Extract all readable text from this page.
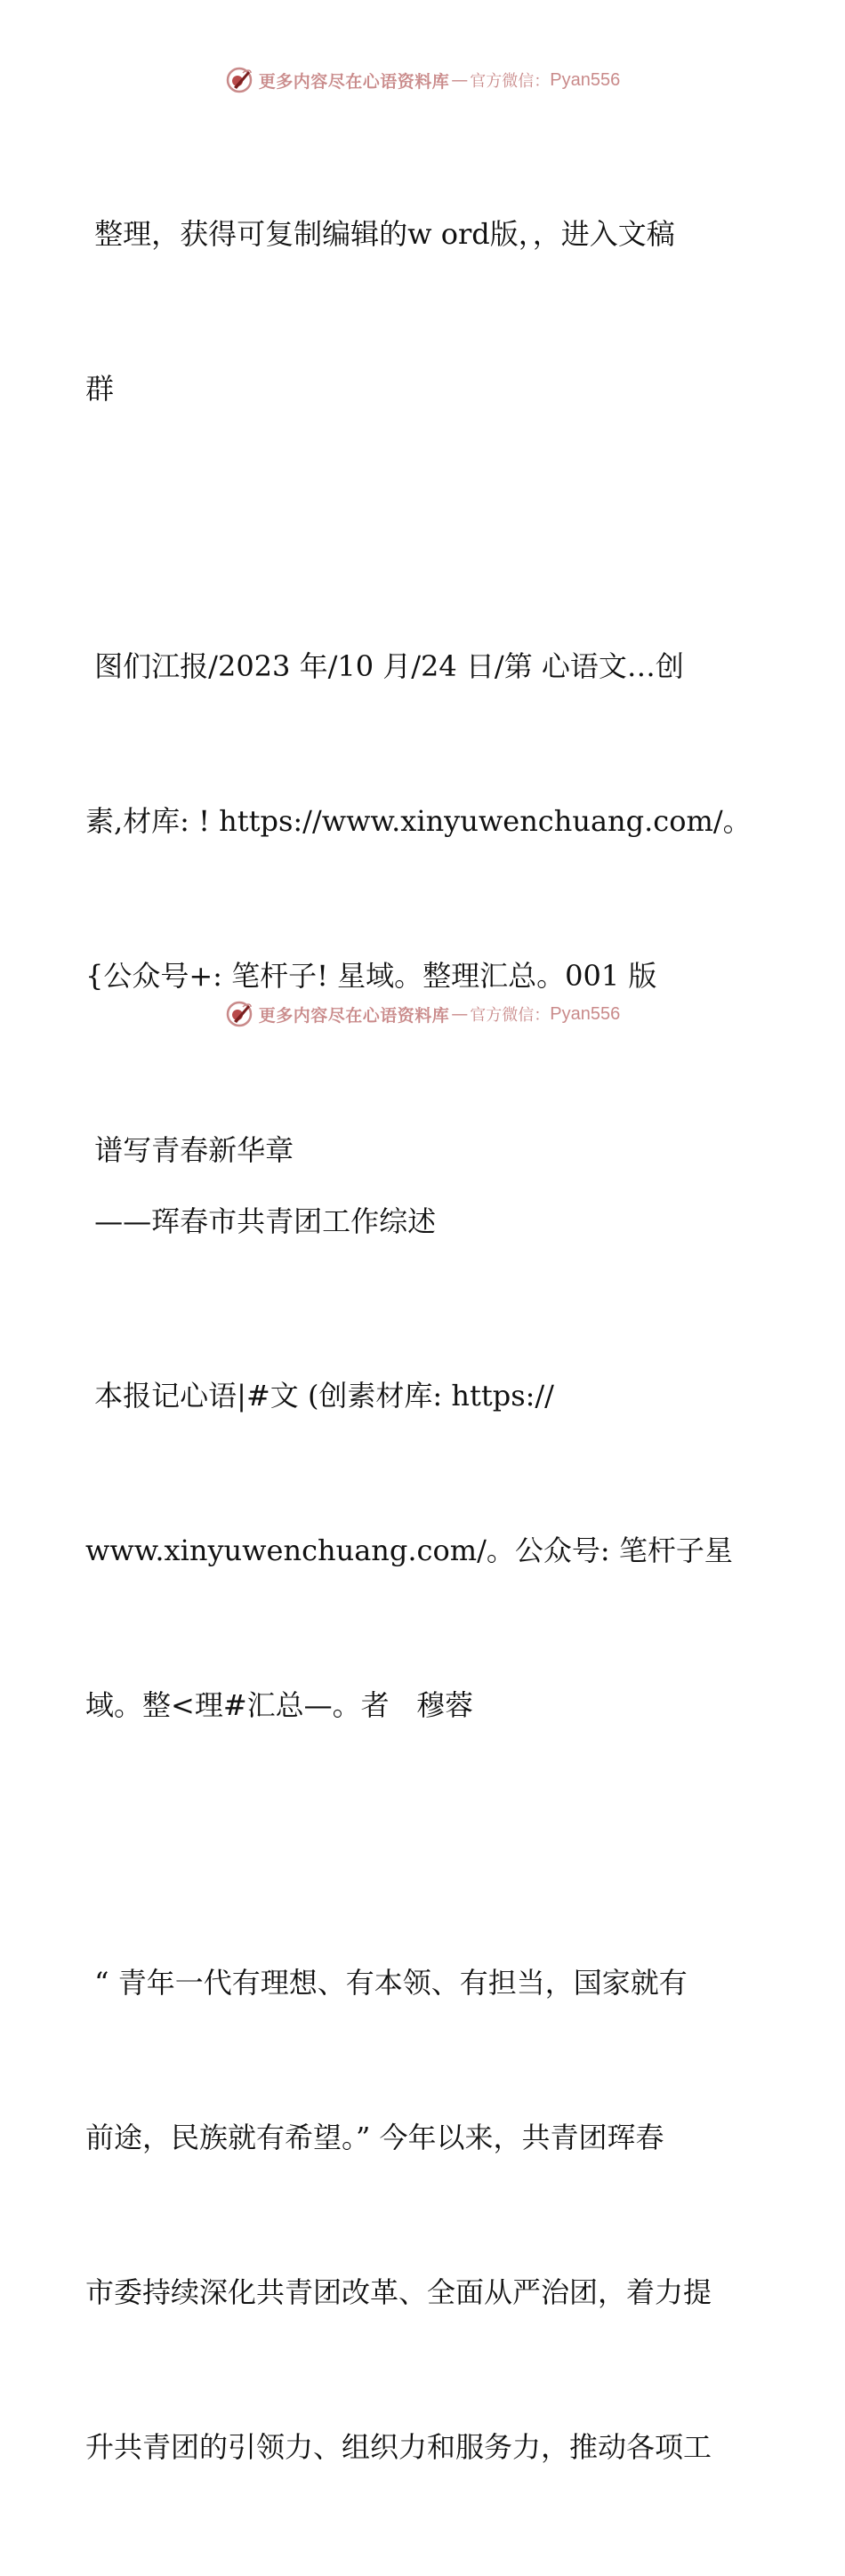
更多内容尽在心语资料库 — 官方微信： Pyan556

整理，获得可复制编辑的w ord版，，进入文稿

群

图们江报/2023 年/10 月/24 日/第 心语文…创

素,材库: ! https://www.xinyuwenchuang.com/。

{公众号+: 笔杆子! 星域。整理汇总。001 版

谱写青春新华章
——珲春市共青团工作综述

本报记心语|#文 (创素材库: https://

www.xinyuwenchuang.com/。公众号: 笔杆子星

域。整<理#汇总—。者   穆蓉

“ 青年一代有理想、有本领、有担当，国家就有

前途，民族就有希望。” 今年以来，共青团珲春

市委持续深化共青团改革、全面从严治团，着力提

升共青团的引领力、组织力和服务力，推动各项工

更多内容尽在心语资料库 — 官方微信： Pyan556
